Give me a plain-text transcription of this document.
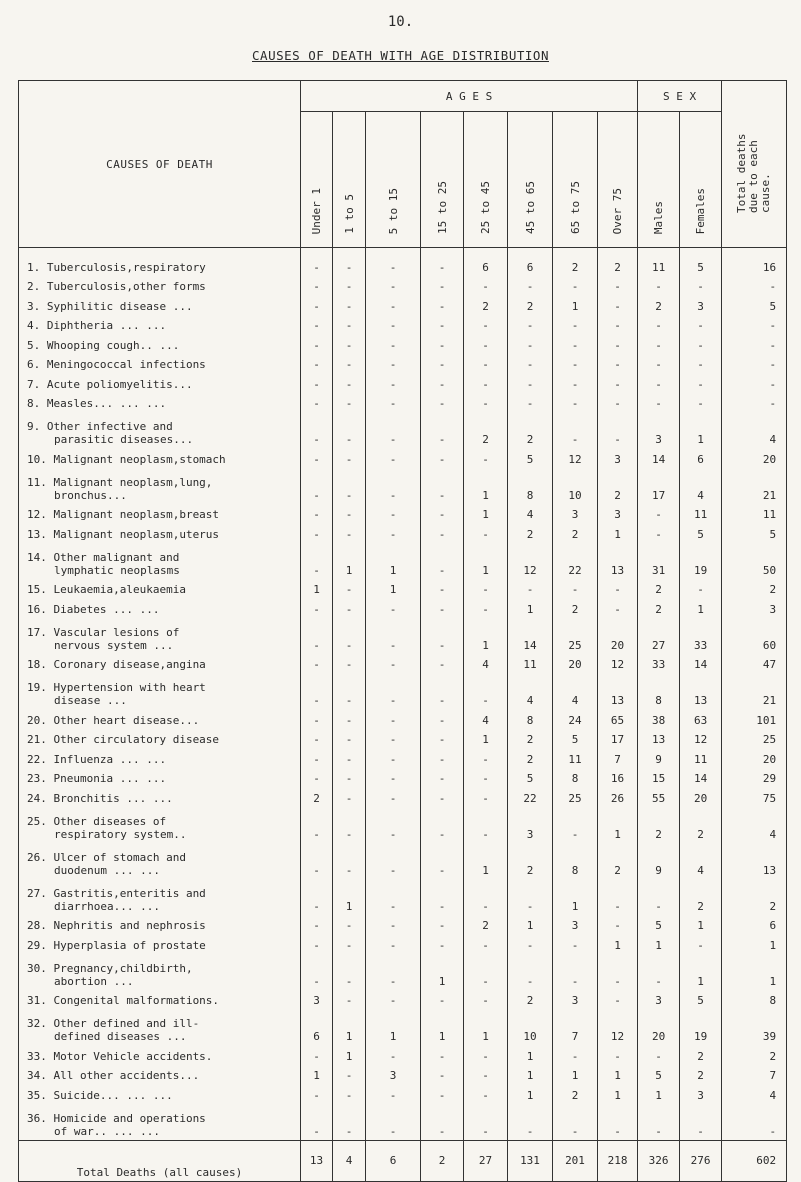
10.
CAUSES OF DEATH WITH AGE DISTRIBUTION
CAUSES OF DEATH	A G E S								S E X		Total deaths due to each cause.
	Under 1	1 to 5	5 to 15	15 to 25	25 to 45	45 to 65	65 to 75	Over 75	Males	Females	

1. Tuberculosis,respiratory	-	-	-	-	6	6	2	2	11	5	16

2. Tuberculosis,other forms	-	-	-	-	-	-	-	-	-	-	-

3. Syphilitic disease ...	-	-	-	-	2	2	1	-	2	3	5

4. Diphtheria ... ...	-	-	-	-	-	-	-	-	-	-	-

5. Whooping cough.. ...	-	-	-	-	-	-	-	-	-	-	-

6. Meningococcal infections	-	-	-	-	-	-	-	-	-	-	-

7. Acute poliomyelitis...	-	-	-	-	-	-	-	-	-	-	-

8. Measles... ... ...	-	-	-	-	-	-	-	-	-	-	-

9. Other infective and
parasitic diseases...	-	-	-	-	2	2	-	-	3	1	4

10. Malignant neoplasm,stomach	-	-	-	-	-	5	12	3	14	6	20

11. Malignant neoplasm,lung,
bronchus...	-	-	-	-	1	8	10	2	17	4	21

12. Malignant neoplasm,breast	-	-	-	-	1	4	3	3	-	11	11

13. Malignant neoplasm,uterus	-	-	-	-	-	2	2	1	-	5	5

14. Other malignant and
lymphatic neoplasms	-	1	1	-	1	12	22	13	31	19	50

15. Leukaemia,aleukaemia	1	-	1	-	-	-	-	-	2	-	2

16. Diabetes ... ...	-	-	-	-	-	1	2	-	2	1	3

17. Vascular lesions of
nervous system ...	-	-	-	-	1	14	25	20	27	33	60

18. Coronary disease,angina	-	-	-	-	4	11	20	12	33	14	47

19. Hypertension with heart
disease ...	-	-	-	-	-	4	4	13	8	13	21

20. Other heart disease...	-	-	-	-	4	8	24	65	38	63	101

21. Other circulatory disease	-	-	-	-	1	2	5	17	13	12	25

22. Influenza ... ...	-	-	-	-	-	2	11	7	9	11	20

23. Pneumonia ... ...	-	-	-	-	-	5	8	16	15	14	29

24. Bronchitis ... ...	2	-	-	-	-	22	25	26	55	20	75

25. Other diseases of
respiratory system..	-	-	-	-	-	3	-	1	2	2	4

26. Ulcer of stomach and
duodenum ... ...	-	-	-	-	1	2	8	2	9	4	13

27. Gastritis,enteritis and
diarrhoea... ...	-	1	-	-	-	-	1	-	-	2	2

28. Nephritis and nephrosis	-	-	-	-	2	1	3	-	5	1	6

29. Hyperplasia of prostate	-	-	-	-	-	-	-	1	1	-	1

30. Pregnancy,childbirth,
abortion ...	-	-	-	1	-	-	-	-	-	1	1

31. Congenital malformations.	3	-	-	-	-	2	3	-	3	5	8

32. Other defined and ill-
defined diseases ...	6	1	1	1	1	10	7	12	20	19	39

33. Motor Vehicle accidents.	-	1	-	-	-	1	-	-	-	2	2

34. All other accidents...	1	-	3	-	-	1	1	1	5	2	7

35. Suicide... ... ...	-	-	-	-	-	1	2	1	1	3	4

36. Homicide and operations
of war.. ... ...	-	-	-	-	-	-	-	-	-	-	-
Total Deaths (all causes)	13	4	6	2	27	131	201	218	326	276	602
